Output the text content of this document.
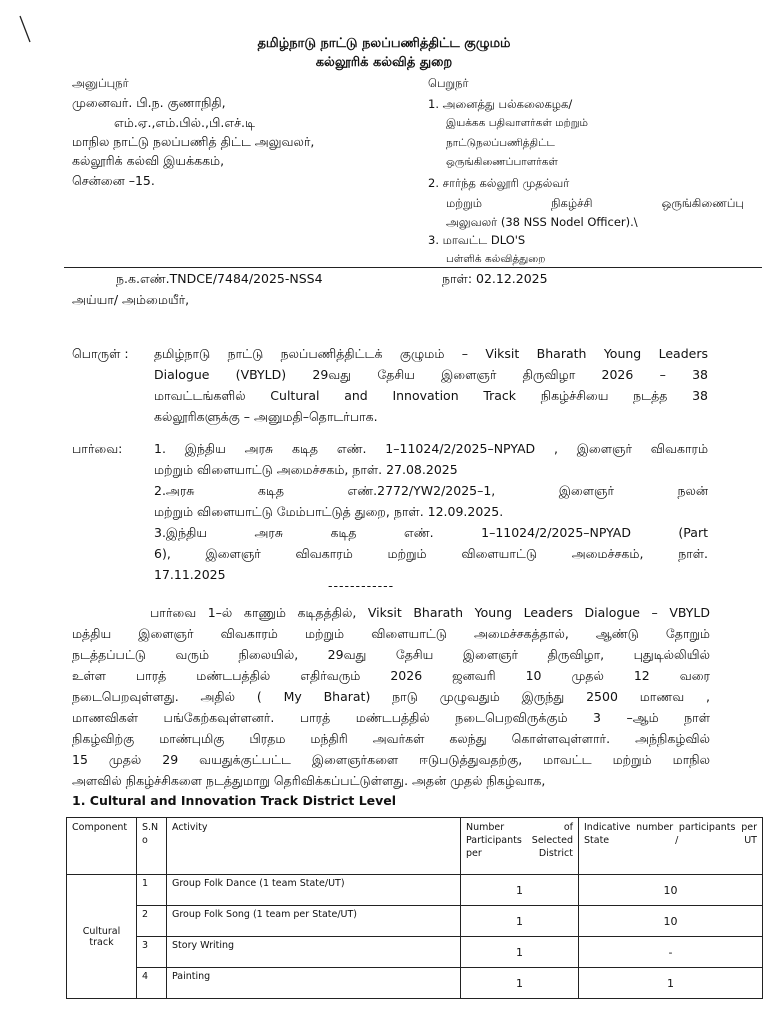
தமிழ்நாடு நாட்டு நலப்பணித்திட்ட குழுமம்
கல்லூரிக் கல்வித் துறை
அனுப்புநர்
முனைவர். பி.ந. குணாநிதி,
எம்.ஏ.,எம்.பில்.,பி.எச்.டி
மாநில நாட்டு நலப்பணித் திட்ட அலுவலர்,
கல்லூரிக் கல்வி இயக்ககம்,
சென்னை –15.
பெறுநர்
1. அனைத்து பல்கலைகழக/
இயக்கக பதிவாளர்கள் மற்றும்
நாட்டுநலப்பணித்திட்ட
ஒருங்கிணைப்பாளர்கள்
2. சார்ந்த கல்லூரி முதல்வர்
மற்றும் நிகழ்ச்சி ஒருங்கிணைப்பு
அலுவலர் (38 NSS Nodel Officer).\
3. மாவட்ட DLO'S
பள்ளிக் கல்வித்துறை
ந.க.எண்.TNDCE/7484/2025-NSS4	நாள்: 02.12.2025
அய்யா/ அம்மையீர்,
பொருள் : தமிழ்நாடு நாட்டு நலப்பணித்திட்டக் குழுமம் – Viksit Bharath Young Leaders
Dialogue (VBYLD) 29வது தேசிய இளைஞர் திருவிழா 2026 – 38
மாவட்டங்களில் Cultural and Innovation Track நிகழ்ச்சியை நடத்த 38
கல்லூரிகளுக்கு – அனுமதி–தொடர்பாக.
பார்வை:	1. இந்திய அரசு கடித எண். 1–11024/2/2025–NPYAD , இளைஞர் விவகாரம்
மற்றும் விளையாட்டு அமைச்சகம், நாள். 27.08.2025
2.அரசு கடித எண்.2772/YW2/2025–1, இளைஞர் நலன்
மற்றும் விளையாட்டு மேம்பாட்டுத் துறை, நாள். 12.09.2025.
3.இந்திய அரசு கடித எண். 1–11024/2/2025–NPYAD (Part
6), இளைஞர் விவகாரம் மற்றும் விளையாட்டு அமைச்சகம், நாள்.
17.11.2025
------------
பார்வை 1–ல் காணும் கடிதத்தில், Viksit Bharath Young Leaders Dialogue – VBYLD
மத்திய இளைஞர் விவகாரம் மற்றும் விளையாட்டு அமைச்சகத்தால், ஆண்டு தோறும்
நடத்தப்பட்டு வரும் நிலையில், 29வது தேசிய இளைஞர் திருவிழா, புதுடில்லியில்
உள்ள பாரத் மண்டபத்தில் எதிர்வரும் 2026 ஜனவரி 10 முதல் 12 வரை
நடைபெறவுள்ளது. அதில் ( My Bharat) நாடு முழுவதும் இருந்து 2500 மாணவ ,
மாணவிகள் பங்கேற்கவுள்ளனர். பாரத் மண்டபத்தில் நடைபெறவிருக்கும் 3 –ஆம் நாள்
நிகழ்விற்கு மாண்புமிகு பிரதம மந்திரி அவர்கள் கலந்து கொள்ளவுள்ளார். அந்நிகழ்வில்
15 முதல் 29 வயதுக்குட்பட்ட இளைஞர்களை ஈடுபடுத்துவதற்கு, மாவட்ட மற்றும் மாநில
அளவில் நிகழ்ச்சிகளை நடத்துமாறு தெரிவிக்கப்பட்டுள்ளது. அதன் முதல் நிகழ்வாக,
1. Cultural and Innovation Track District Level
Component	S.N o	Activity	Number of Participants Selected per District	Indicative number participants per State / UT
Cultural track	1	Group Folk Dance (1 team State/UT)	1	10
	2	Group Folk Song (1 team per State/UT)	1	10
	3	Story Writing	1	-
	4	Painting	1	1
